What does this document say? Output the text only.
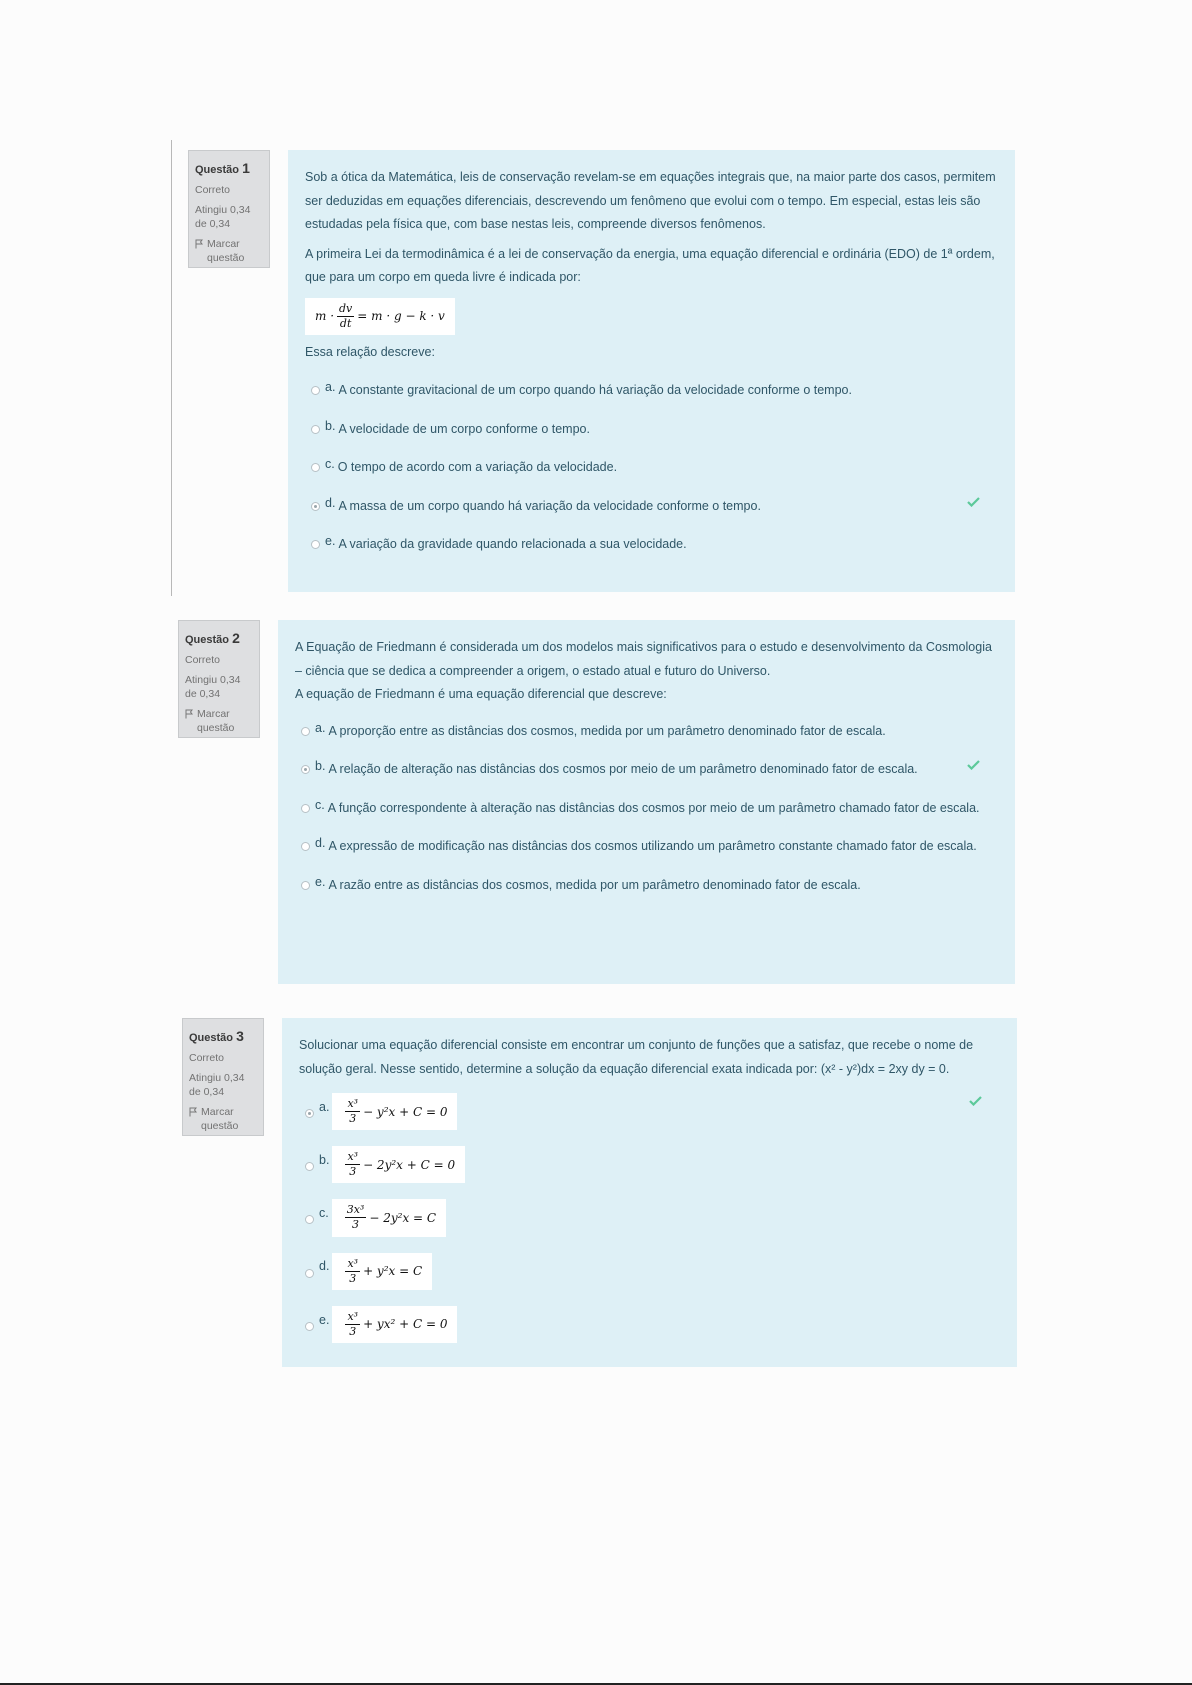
Questão 1
Correto
Atingiu 0,34 de 0,34
Marcar questão

Sob a ótica da Matemática, leis de conservação revelam-se em equações integrais que, na maior parte dos casos, permitem ser deduzidas em equações diferenciais, descrevendo um fenômeno que evolui com o tempo. Em especial, estas leis são estudadas pela física que, com base nestas leis, compreende diversos fenômenos.

A primeira Lei da termodinâmica é a lei de conservação da energia, uma equação diferencial e ordinária (EDO) de 1ª ordem, que para um corpo em queda livre é indicada por:

$m \cdot \frac{dv}{dt} = m \cdot g - k \cdot v$

Essa relação descreve:

a. A constante gravitacional de um corpo quando há variação da velocidade conforme o tempo.
b. A velocidade de um corpo conforme o tempo.
c. O tempo de acordo com a variação da velocidade.
d. A massa de um corpo quando há variação da velocidade conforme o tempo.
e. A variação da gravidade quando relacionada a sua velocidade.
Questão 2
Correto
Atingiu 0,34 de 0,34
Marcar questão

A Equação de Friedmann é considerada um dos modelos mais significativos para o estudo e desenvolvimento da Cosmologia – ciência que se dedica a compreender a origem, o estado atual e futuro do Universo.

A equação de Friedmann é uma equação diferencial que descreve:

a. A proporção entre as distâncias dos cosmos, medida por um parâmetro denominado fator de escala.
b. A relação de alteração nas distâncias dos cosmos por meio de um parâmetro denominado fator de escala.
c. A função correspondente à alteração nas distâncias dos cosmos por meio de um parâmetro chamado fator de escala.
d. A expressão de modificação nas distâncias dos cosmos utilizando um parâmetro constante chamado fator de escala.
e. A razão entre as distâncias dos cosmos, medida por um parâmetro denominado fator de escala.
Questão 3
Correto
Atingiu 0,34 de 0,34
Marcar questão

Solucionar uma equação diferencial consiste em encontrar um conjunto de funções que a satisfaz, que recebe o nome de solução geral. Nesse sentido, determine a solução da equação diferencial exata indicada por: (x² - y²)dx = 2xy dy = 0.

a. $\frac{\text{x³}}{3} - y^2x + C = 0$
b. $\frac{\text{x³}}{3} - 2y^2x + C = 0$
c. $\frac{\text{3x³}}{3} - 2y^2x = C$
d. $\frac{\text{x³}}{3} + y^2x = C$
e. $\frac{\text{x³}}{3} + yx^2 + C = 0$
